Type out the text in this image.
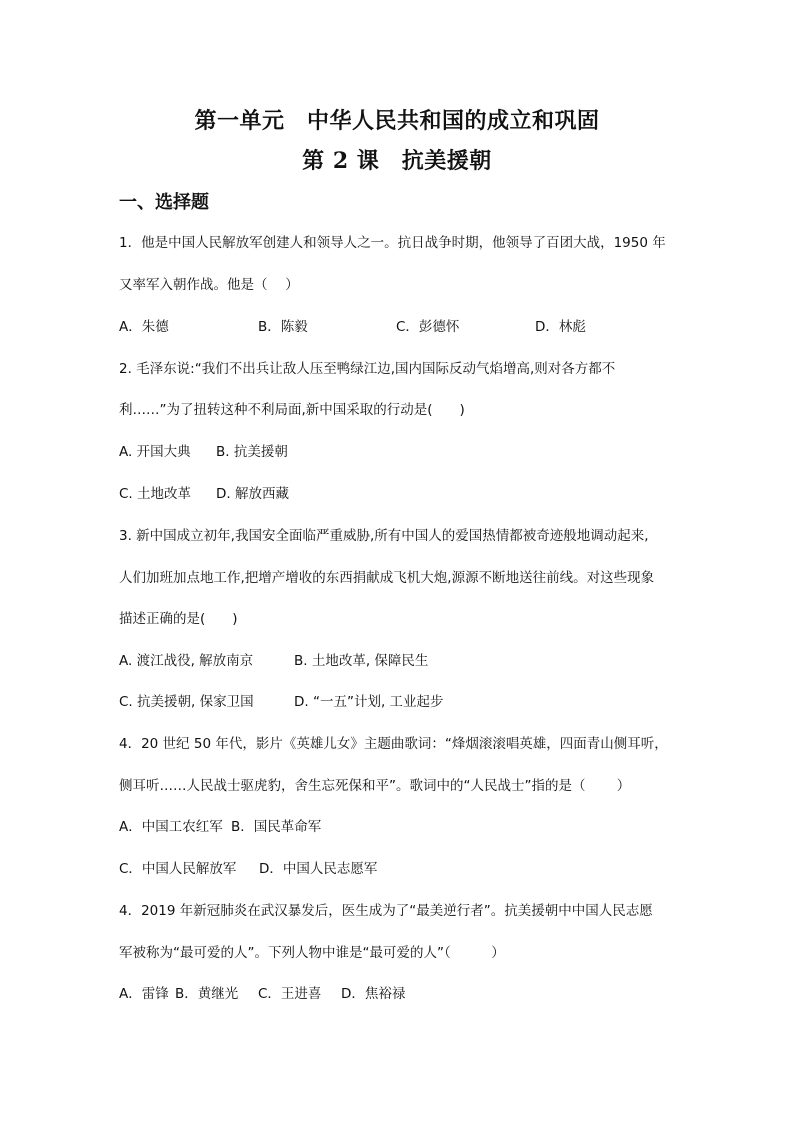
第一单元　中华人民共和国的成立和巩固
第 2 课　抗美援朝
一、选择题
1．他是中国人民解放军创建人和领导人之一。抗日战争时期，他领导了百团大战，1950 年
又率军入朝作战。他是（　 ）
A．朱德	B．陈毅	C．彭德怀	D．林彪
2. 毛泽东说:“我们不出兵让敌人压至鸭绿江边,国内国际反动气焰增高,则对各方都不
利……”为了扭转这种不利局面,新中国采取的行动是(　　)
A. 开国大典 B. 抗美援朝
C. 土地改革 D. 解放西藏
3. 新中国成立初年,我国安全面临严重威胁,所有中国人的爱国热情都被奇迹般地调动起来,
人们加班加点地工作,把增产增收的东西捐献成飞机大炮,源源不断地送往前线。对这些现象
描述正确的是(　　)
A. 渡江战役, 解放南京	B. 土地改革, 保障民生
C. 抗美援朝, 保家卫国	D. “一五”计划, 工业起步
4．20 世纪 50 年代，影片《英雄儿女》主题曲歌词：“烽烟滚滚唱英雄，四面青山侧耳听，
侧耳听……人民战士驱虎豹，舍生忘死保和平”。歌词中的“人民战士”指的是（　　 ）
A．中国工农红军 B．国民革命军
C．中国人民解放军 D．中国人民志愿军
4．2019 年新冠肺炎在武汉暴发后，医生成为了“最美逆行者”。抗美援朝中中国人民志愿
军被称为“最可爱的人”。下列人物中谁是“最可爱的人”（　　　）
A．雷锋 B．黄继光 C．王进喜 D．焦裕禄
